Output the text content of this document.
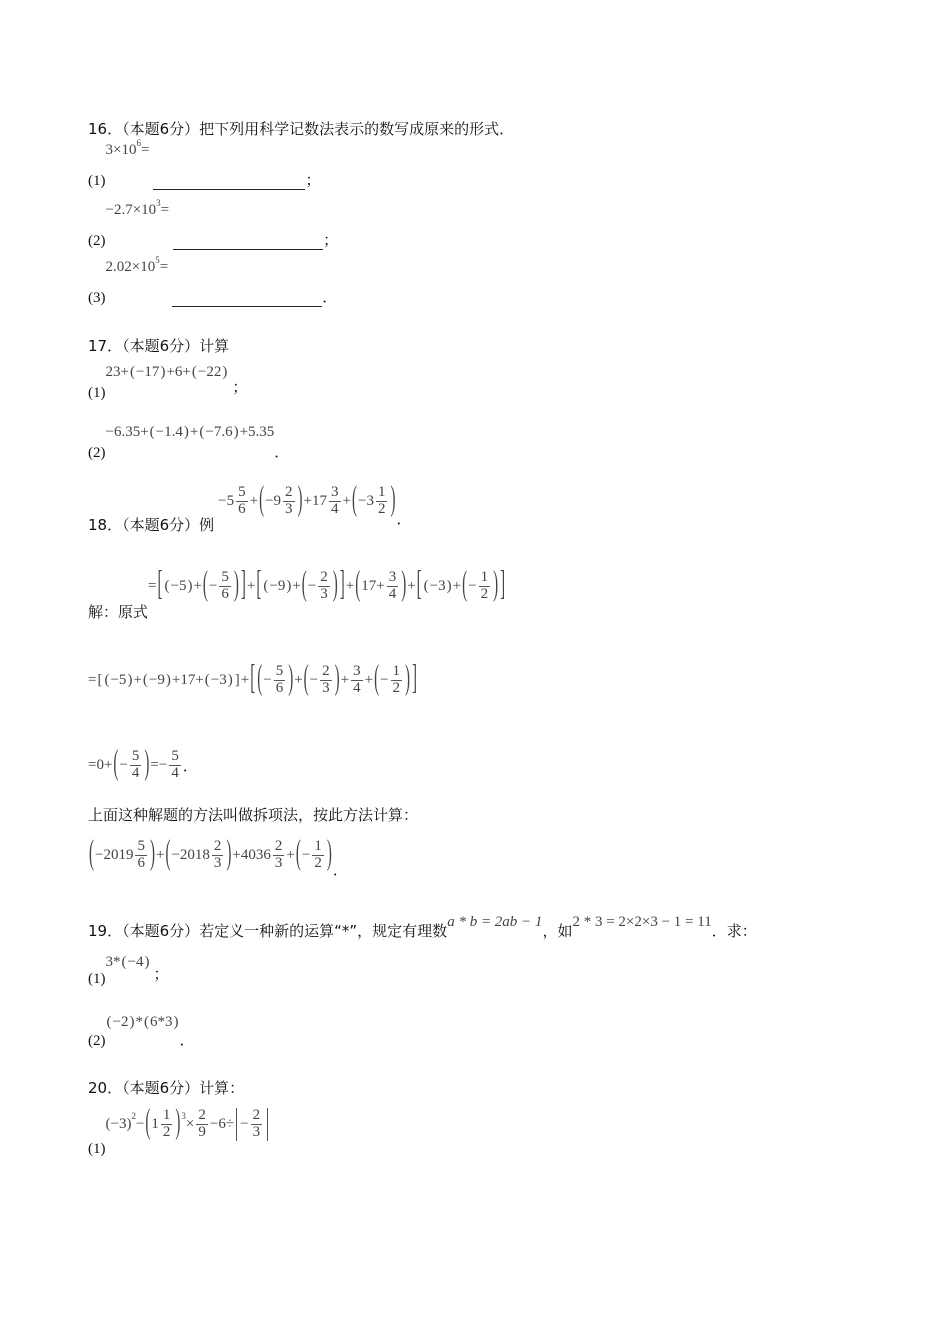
16．（本题6分）把下列用科学记数法表示的数写成原来的形式．
(1)
3×10 6 =
；
(2)
−2.7×10 3 =
；
(3)
2.02×10 5 =
．
17．（本题6分）计算
(1)
23+ ( −17 ) +6+ ( −22 )
；
(2)
−6.35+ ( −1.4 ) + ( −7.6 ) +5.35
．
18．（本题6分）例
$-5 \frac{5}{6}$ + ( $-9 \frac{2}{3}$ ) $+17 \frac{3}{4}$ + ( $-3 \frac{1}{2}$ )
．
解：原式
= [ ( −5 ) + ( − $\frac{5}{6}$ ) ] + [ ( −9 ) + ( − $\frac{2}{3}$ ) ] + ( $17+ \frac{3}{4}$ ) + [ ( −3 ) + ( − $\frac{1}{2}$ ) ]
= [ ( −5 ) + ( −9 ) +17+ ( −3 ) ] + [ ( − $\frac{5}{6}$ ) + ( − $\frac{2}{3}$ ) + $\frac{3}{4}$ + ( − $\frac{1}{2}$ ) ]
=0+ ( − $\frac{5}{4}$ ) =− $\frac{5}{4}$ ．
上面这种解题的方法叫做拆项法，按此方法计算：
( $-2019 \frac{5}{6}$ ) + ( $-2018 \frac{2}{3}$ ) $+4036 \frac{2}{3}$ + ( − $\frac{1}{2}$ ) ．
19．（本题6分）若定义一种新的运算“*”，规定有理数 a * b = 2ab − 1 ，如 2 * 3 = 2×2×3 − 1 = 11 ．求：
(1)
3* ( −4 )
；
(2)
( −2 ) * ( 6*3 )
．
20．（本题6分）计算：
(1)
(−3) 2 − ( $1 \frac{1}{2}$ ) $3 \times \frac{2}{9} -6\div - \frac{2}{3}$
